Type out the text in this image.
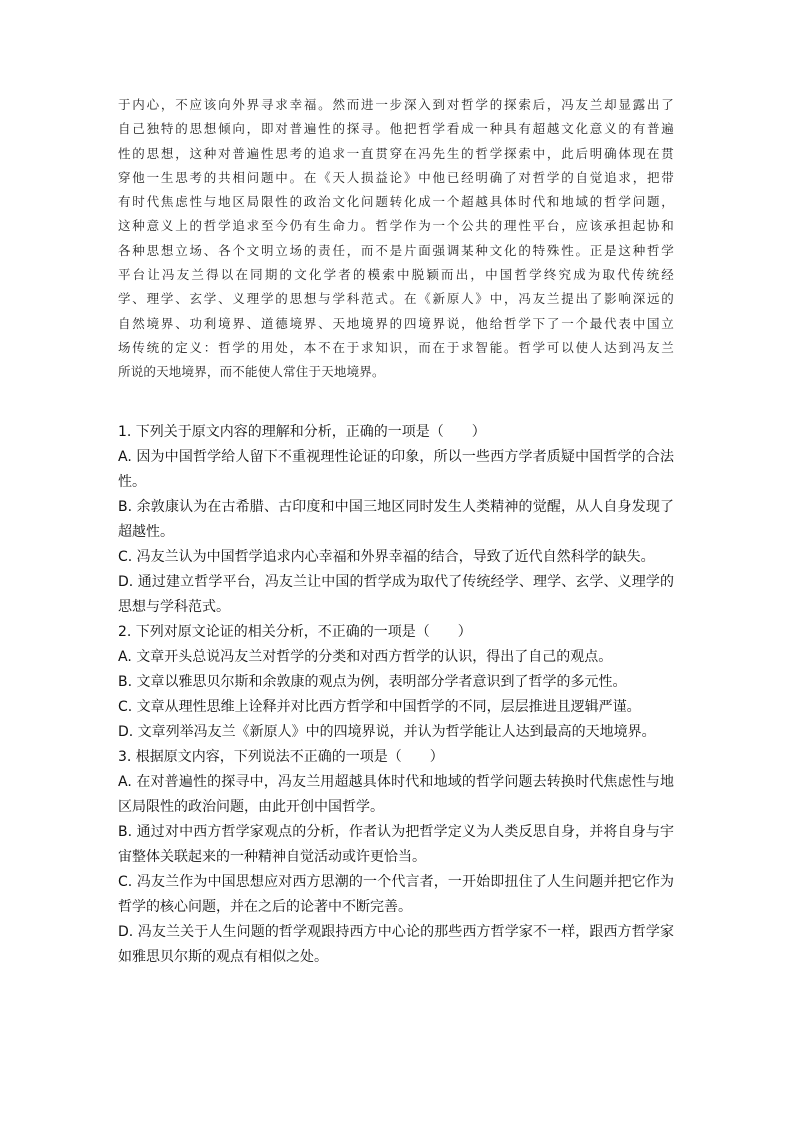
于内心，不应该向外界寻求幸福。然而进一步深入到对哲学的探索后，冯友兰却显露出了
自己独特的思想倾向，即对普遍性的探寻。他把哲学看成一种具有超越文化意义的有普遍
性的思想，这种对普遍性思考的追求一直贯穿在冯先生的哲学探索中，此后明确体现在贯
穿他一生思考的共相问题中。在《天人损益论》中他已经明确了对哲学的自觉追求，把带
有时代焦虑性与地区局限性的政治文化问题转化成一个超越具体时代和地域的哲学问题，
这种意义上的哲学追求至今仍有生命力。哲学作为一个公共的理性平台，应该承担起协和
各种思想立场、各个文明立场的责任，而不是片面强调某种文化的特殊性。正是这种哲学
平台让冯友兰得以在同期的文化学者的模索中脱颖而出，中国哲学终究成为取代传统经
学、理学、玄学、义理学的思想与学科范式。在《新原人》中，冯友兰提出了影响深远的
自然境界、功利境界、道德境界、天地境界的四境界说，他给哲学下了一个最代表中国立
场传统的定义：哲学的用处，本不在于求知识，而在于求智能。哲学可以使人达到冯友兰
所说的天地境界，而不能使人常住于天地境界。
1. 下列关于原文内容的理解和分析，正确的一项是（　　）
A. 因为中国哲学给人留下不重视理性论证的印象，所以一些西方学者质疑中国哲学的合法
性。
B. 余敦康认为在古希腊、古印度和中国三地区同时发生人类精神的觉醒，从人自身发现了
超越性。
C. 冯友兰认为中国哲学追求内心幸福和外界幸福的结合，导致了近代自然科学的缺失。
D. 通过建立哲学平台，冯友兰让中国的哲学成为取代了传统经学、理学、玄学、义理学的
思想与学科范式。
2. 下列对原文论证的相关分析，不正确的一项是（　　）
A. 文章开头总说冯友兰对哲学的分类和对西方哲学的认识，得出了自己的观点。
B. 文章以雅思贝尔斯和余敦康的观点为例，表明部分学者意识到了哲学的多元性。
C. 文章从理性思维上诠释并对比西方哲学和中国哲学的不同，层层推进且逻辑严谨。
D. 文章列举冯友兰《新原人》中的四境界说，并认为哲学能让人达到最高的天地境界。
3. 根据原文内容，下列说法不正确的一项是（　　）
A. 在对普遍性的探寻中，冯友兰用超越具体时代和地域的哲学问题去转换时代焦虑性与地
区局限性的政治问题，由此开创中国哲学。
B. 通过对中西方哲学家观点的分析，作者认为把哲学定义为人类反思自身，并将自身与宇
宙整体关联起来的一种精神自觉活动或许更恰当。
C. 冯友兰作为中国思想应对西方思潮的一个代言者，一开始即扭住了人生问题并把它作为
哲学的核心问题，并在之后的论著中不断完善。
D. 冯友兰关于人生问题的哲学观跟持西方中心论的那些西方哲学家不一样，跟西方哲学家
如雅思贝尔斯的观点有相似之处。
